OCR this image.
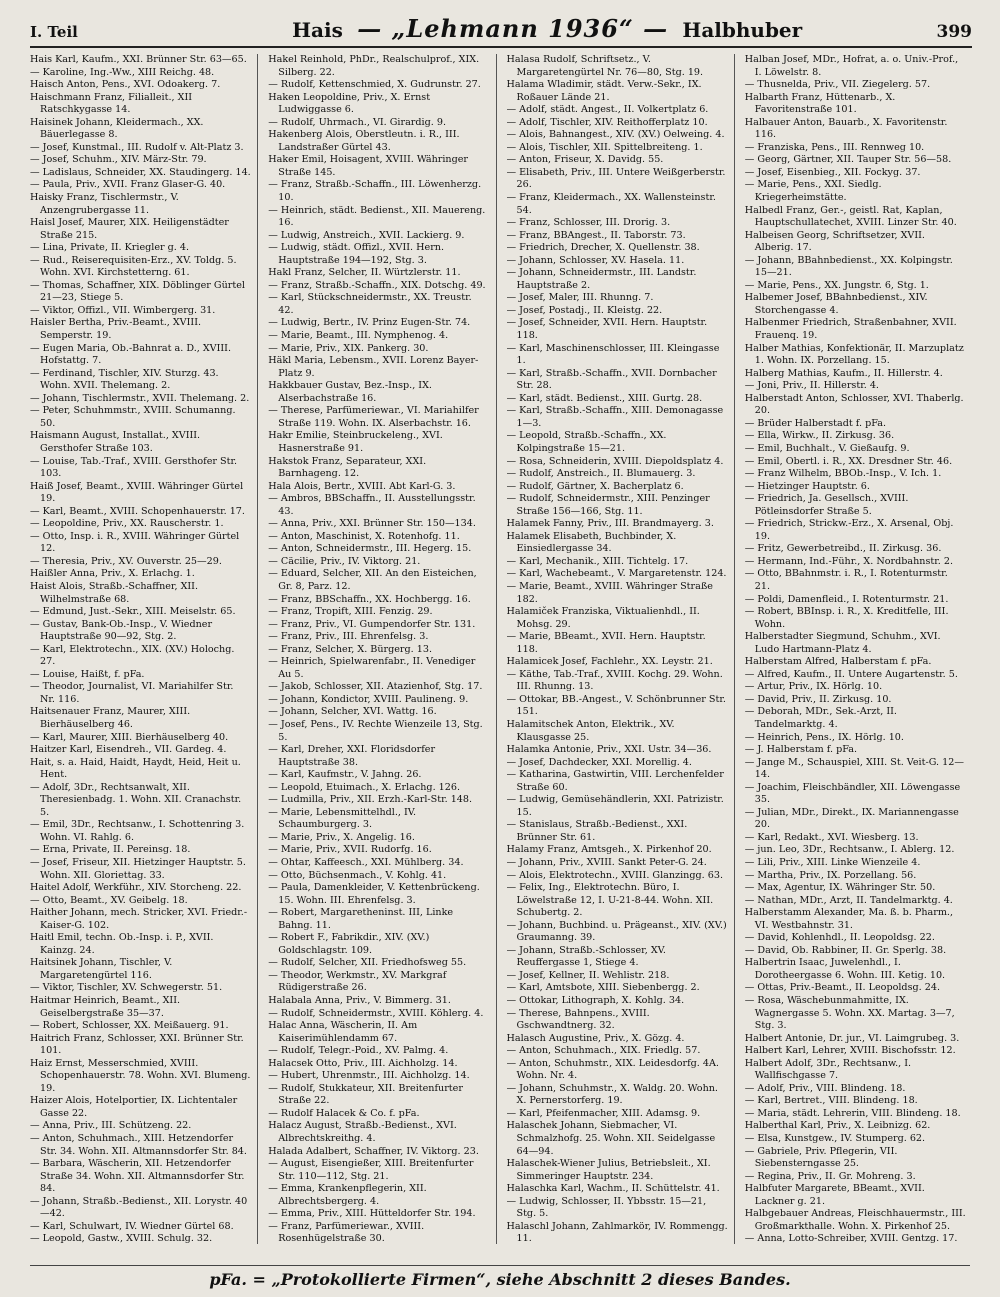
I. Teil	Hais — „Lehmann 1936“ — Halbhuber	399

Hais Karl, Kaufm., XXI. Brünner Str. 63—65.

— Karoline, Ing.-Ww., XIII Reichg. 48.

Haisch Anton, Pens., XVI. Odoakerg. 7.

Haischmann Franz, Filialleit., XII Ratschkygasse 14.

Haisinek Johann, Kleidermach., XX. Bäuerlegasse 8.

— Josef, Kunstmal., III. Rudolf v. Alt-Platz 3.

— Josef, Schuhm., XIV. März-Str. 79.

— Ladislaus, Schneider, XX. Staudingerg. 14.

— Paula, Priv., XVII. Franz Glaser-G. 40.

Haisky Franz, Tischlermstr., V. Anzengrubergasse 11.

Haisl Josef, Maurer, XIX. Heiligenstädter Straße 215.

— Lina, Private, II. Kriegler g. 4.

— Rud., Reiserequisiten-Erz., XV. Toldg. 5. Wohn. XVI. Kirchstetterng. 61.

— Thomas, Schaffner, XIX. Döblinger Gürtel 21—23, Stiege 5.

— Viktor, Offizl., VII. Wimbergerg. 31.

Haisler Bertha, Priv.-Beamt., XVIII. Semperstr. 19.

— Eugen Maria, Ob.-Bahnrat a. D., XVIII. Hofstattg. 7.

— Ferdinand, Tischler, XIV. Sturzg. 43. Wohn. XVII. Thelemang. 2.

— Johann, Tischlermstr., XVII. Thelemang. 2.

— Peter, Schuhmmstr., XVIII. Schumanng. 50.

Haismann August, Installat., XVIII. Gersthofer Straße 103.

— Louise, Tab.-Traf., XVIII. Gersthofer Str. 103.

Haiß Josef, Beamt., XVIII. Währinger Gürtel 19.

— Karl, Beamt., XVIII. Schopenhauerstr. 17.

— Leopoldine, Priv., XX. Rauscherstr. 1.

— Otto, Insp. i. R., XVIII. Währinger Gürtel 12.

— Theresia, Priv., XV. Ouverstr. 25—29.

Haißler Anna, Priv., X. Erlachg. 1.

Haist Alois, Straßb.-Schaffner, XII. Wilhelmstraße 68.

— Edmund, Just.-Sekr., XIII. Meiselstr. 65.

— Gustav, Bank-Ob.-Insp., V. Wiedner Hauptstraße 90—92, Stg. 2.

— Karl, Elektrotechn., XIX. (XV.) Holochg. 27.

— Louise, Haißt, f. pFa.

— Theodor, Journalist, VI. Mariahilfer Str. Nr. 116.

Haitsenauer Franz, Maurer, XIII. Bierhäuselberg 46.

— Karl, Maurer, XIII. Bierhäuselberg 40.

Haitzer Karl, Eisendreh., VII. Gardeg. 4.

Hait, s. a. Haid, Haidt, Haydt, Heid, Heit u. Hent.

— Adolf, 3Dr., Rechtsanwalt, XII. Theresienbadg. 1. Wohn. XII. Cranachstr. 5.

— Emil, 3Dr., Rechtsanw., I. Schottenring 3. Wohn. VI. Rahlg. 6.

— Erna, Private, II. Pereinsg. 18.

— Josef, Friseur, XII. Hietzinger Hauptstr. 5. Wohn. XII. Gloriettag. 33.

Haitel Adolf, Werkführ., XIV. Storcheng. 22.

— Otto, Beamt., XV. Geibelg. 18.

Haither Johann, mech. Stricker, XVI. Friedr.-Kaiser-G. 102.

Haitl Emil, techn. Ob.-Insp. i. P., XVII. Kainzg. 24.

Haitsinek Johann, Tischler, V. Margaretengürtel 116.

— Viktor, Tischler, XV. Schwegerstr. 51.

Haitmar Heinrich, Beamt., XII. Geiselbergstraße 35—37.

— Robert, Schlosser, XX. Meißauerg. 91.

Haitrich Franz, Schlosser, XXI. Brünner Str. 101.

Haiz Ernst, Messerschmied, XVIII. Schopenhauerstr. 78. Wohn. XVI. Blumeng. 19.

Haizer Alois, Hotelportier, IX. Lichtentaler Gasse 22.

— Anna, Priv., III. Schützeng. 22.

— Anton, Schuhmach., XIII. Hetzendorfer Str. 34. Wohn. XII. Altmannsdorfer Str. 84.

— Barbara, Wäscherin, XII. Hetzendorfer Straße 34. Wohn. XII. Altmannsdorfer Str. 84.

— Johann, Straßb.-Bedienst., XII. Lorystr. 40—42.

— Karl, Schulwart, IV. Wiedner Gürtel 68.

— Leopold, Gastw., XVIII. Schulg. 32.

Hakel Reinhold, PhDr., Realschulprof., XIX. Silberg. 22.

— Rudolf, Kettenschmied, X. Gudrunstr. 27.

Haken Leopoldine, Priv., X. Ernst Ludwiggasse 6.

— Rudolf, Uhrmach., VI. Girardig. 9.

Hakenberg Alois, Oberstleutn. i. R., III. Landstraßer Gürtel 43.

Haker Emil, Hoisagent, XVIII. Währinger Straße 145.

— Franz, Straßb.-Schaffn., III. Löwenherzg. 10.

— Heinrich, städt. Bedienst., XII. Mauereng. 16.

— Ludwig, Anstreich., XVII. Lackierg. 9.

— Ludwig, städt. Offizl., XVII. Hern. Hauptstraße 194—192, Stg. 3.

Hakl Franz, Selcher, II. Würtzlerstr. 11.

— Franz, Straßb.-Schaffn., XIX. Dotschg. 49.

— Karl, Stückschneidermstr., XX. Treustr. 42.

— Ludwig, Bertr., IV. Prinz Eugen-Str. 74.

— Marie, Beamt., III. Nymphenog. 4.

— Marie, Priv., XIX. Pankerg. 30.

Häkl Maria, Lebensm., XVII. Lorenz Bayer-Platz 9.

Hakkbauer Gustav, Bez.-Insp., IX. Alserbachstraße 16.

— Therese, Parfümeriewar., VI. Mariahilfer Straße 119. Wohn. IX. Alserbachstr. 16.

Hakr Emilie, Steinbruckeleng., XVI. Hasnerstraße 91.

Hakstok Franz, Separateur, XXI. Barnhageng. 12.

Hala Alois, Bertr., XVIII. Abt Karl-G. 3.

— Ambros, BBSchaffn., II. Ausstellungsstr. 43.

— Anna, Priv., XXI. Brünner Str. 150—134.

— Anton, Maschinist, X. Rotenhofg. 11.

— Anton, Schneidermstr., III. Hegerg. 15.

— Cäcilie, Priv., IV. Viktorg. 21.

— Eduard, Selcher, XII. An den Eisteichen, Gr. 8, Parz. 12.

— Franz, BBSchaffn., XX. Hochbergg. 16.

— Franz, Tropift, XIII. Fenzig. 29.

— Franz, Priv., VI. Gumpendorfer Str. 131.

— Franz, Priv., III. Ehrenfelsg. 3.

— Franz, Selcher, X. Bürgerg. 13.

— Heinrich, Spielwarenfabr., II. Venediger Au 5.

— Jakob, Schlosser, XII. Atazienhof, Stg. 17.

— Johann, Kondictor, XVIII. Paulineng. 9.

— Johann, Selcher, XVI. Wattg. 16.

— Josef, Pens., IV. Rechte Wienzeile 13, Stg. 5.

— Karl, Dreher, XXI. Floridsdorfer Hauptstraße 38.

— Karl, Kaufmstr., V. Jahng. 26.

— Leopold, Etuimach., X. Erlachg. 126.

— Ludmilla, Priv., XII. Erzh.-Karl-Str. 148.

— Marie, Lebensmittelhdl., IV. Schaumburgerg. 3.

— Marie, Priv., X. Angelig. 16.

— Marie, Priv., XVII. Rudorfg. 16.

— Ohtar, Kaffeesch., XXI. Mühlberg. 34.

— Otto, Büchsenmach., V. Kohlg. 41.

— Paula, Damenkleider, V. Kettenbrückeng. 15. Wohn. III. Ehrenfelsg. 3.

— Robert, Margaretheninst. III, Linke Bahng. 11.

— Robert F., Fabrikdir., XIV. (XV.) Goldschlagstr. 109.

— Rudolf, Selcher, XII. Friedhofsweg 55.

— Theodor, Werkmstr., XV. Markgraf Rüdigerstraße 26.

Halabala Anna, Priv., V. Bimmerg. 31.

— Rudolf, Schneidermstr., XVIII. Köhlerg. 4.

Halac Anna, Wäscherin, II. Am Kaiserimühlendamm 67.

— Rudolf, Telegr.-Poid., XV. Palmg. 4.

Halacsek Otto, Priv., III. Aichholzg. 14.

— Hubert, Uhrenmstr., III. Aichholzg. 14.

— Rudolf, Stukkateur, XII. Breitenfurter Straße 22.

— Rudolf Halacek & Co. f. pFa.

Halacz August, Straßb.-Bedienst., XVI. Albrechtskreithg. 4.

Halada Adalbert, Schaffner, IV. Viktorg. 23.

— August, Eisengießer, XIII. Breitenfurter Str. 110—112, Stg. 21.

— Emma, Krankenpflegerin, XII. Albrechtsbergerg. 4.

— Emma, Priv., XIII. Hütteldorfer Str. 194.

— Franz, Parfümeriewar., XVIII. Rosenhügelstraße 30.

Halasa Rudolf, Schriftsetz., V. Margaretengürtel Nr. 76—80, Stg. 19.

Halama Wladimir, städt. Verw.-Sekr., IX. Roßauer Lände 21.

— Adolf, städt. Angest., II. Volkertplatz 6.

— Adolf, Tischler, XIV. Reithofferplatz 10.

— Alois, Bahnangest., XIV. (XV.) Oelweing. 4.

— Alois, Tischler, XII. Spittelbreiteng. 1.

— Anton, Friseur, X. Davidg. 55.

— Elisabeth, Priv., III. Untere Weißgerberstr. 26.

— Franz, Kleidermach., XX. Wallensteinstr. 54.

— Franz, Schlosser, III. Drorig. 3.

— Franz, BBAngest., II. Taborstr. 73.

— Friedrich, Drecher, X. Quellenstr. 38.

— Johann, Schlosser, XV. Hasela. 11.

— Johann, Schneidermstr., III. Landstr. Hauptstraße 2.

— Josef, Maler, III. Rhunng. 7.

— Josef, Postadj., II. Kleistg. 22.

— Josef, Schneider, XVII. Hern. Hauptstr. 118.

— Karl, Maschinenschlosser, III. Kleingasse 1.

— Karl, Straßb.-Schaffn., XVII. Dornbacher Str. 28.

— Karl, städt. Bedienst., XIII. Gurtg. 28.

— Karl, Straßb.-Schaffn., XIII. Demonagasse 1—3.

— Leopold, Straßb.-Schaffn., XX. Kolpingstraße 15—21.

— Rosa, Schneiderin, XVIII. Diepoldsplatz 4.

— Rudolf, Anstreich., II. Blumauerg. 3.

— Rudolf, Gärtner, X. Bacherplatz 6.

— Rudolf, Schneidermstr., XIII. Penzinger Straße 156—166, Stg. 11.

Halamek Fanny, Priv., III. Brandmayerg. 3.

Halamek Elisabeth, Buchbinder, X. Einsiedlergasse 34.

— Karl, Mechanik., XIII. Tichtelg. 17.

— Karl, Wachebeamt., V. Margaretenstr. 124.

— Marie, Beamt., XVIII. Währinger Straße 182.

Halamiček Franziska, Viktualienhdl., II. Mohsg. 29.

— Marie, BBeamt., XVII. Hern. Hauptstr. 118.

Halamicek Josef, Fachlehr., XX. Leystr. 21.

— Käthe, Tab.-Traf., XVIII. Kochg. 29. Wohn. III. Rhunng. 13.

— Ottokar, BB.-Angest., V. Schönbrunner Str. 151.

Halamitschek Anton, Elektrik., XV. Klausgasse 25.

Halamka Antonie, Priv., XXI. Ustr. 34—36.

— Josef, Dachdecker, XXI. Morellig. 4.

— Katharina, Gastwirtin, VIII. Lerchenfelder Straße 60.

— Ludwig, Gemüsehändlerin, XXI. Patrizistr. 15.

— Stanislaus, Straßb.-Bedienst., XXI. Brünner Str. 61.

Halamy Franz, Amtsgeh., X. Pirkenhof 20.

— Johann, Priv., XVIII. Sankt Peter-G. 24.

— Alois, Elektrotechn., XVIII. Glanzingg. 63.

— Felix, Ing., Elektrotechn. Büro, I. Löwelstraße 12, I. U-21-8-44. Wohn. XII. Schubertg. 2.

— Johann, Buchbind. u. Prägeanst., XIV. (XV.) Graumanng. 39.

— Johann, Straßb.-Schlosser, XV. Reuffergasse 1, Stiege 4.

— Josef, Kellner, II. Wehlistr. 218.

— Karl, Amtsbote, XIII. Siebenbergg. 2.

— Ottokar, Lithograph, X. Kohlg. 34.

— Therese, Bahnpens., XVIII. Gschwandtnerg. 32.

Halasch Augustine, Priv., X. Gözg. 4.

— Anton, Schuhmach., XIX. Friedlg. 57.

— Anton, Schuhmstr., XIX. Leidesdorfg. 4A. Wohn. Nr. 4.

— Johann, Schuhmstr., X. Waldg. 20. Wohn. X. Pernerstorferg. 19.

— Karl, Pfeifenmacher, XIII. Adamsg. 9.

Halaschek Johann, Siebmacher, VI. Schmalzhofg. 25. Wohn. XII. Seidelgasse 64—94.

Halaschek-Wiener Julius, Betriebsleit., XI. Simmeringer Hauptstr. 234.

Halaschka Karl, Wachm., II. Schüttelstr. 41.

— Ludwig, Schlosser, II. Ybbsstr. 15—21, Stg. 5.

Halaschl Johann, Zahlmarkör, IV. Rommengg. 11.

Halban Josef, MDr., Hofrat, a. o. Univ.-Prof., I. Löwelstr. 8.

— Thusnelda, Priv., VII. Ziegelerg. 57.

Halbarth Franz, Hüttenarb., X. Favoritenstraße 101.

Halbauer Anton, Bauarb., X. Favoritenstr. 116.

— Franziska, Pens., III. Rennweg 10.

— Georg, Gärtner, XII. Tauper Str. 56—58.

— Josef, Eisenbieg., XII. Fockyg. 37.

— Marie, Pens., XXI. Siedlg. Kriegerheimstätte.

Halbedl Franz, Ger.-, geistl. Rat, Kaplan, Hauptschullatechet, XVIII. Linzer Str. 40.

Halbeisen Georg, Schriftsetzer, XVII. Alberig. 17.

— Johann, BBahnbedienst., XX. Kolpingstr. 15—21.

— Marie, Pens., XX. Jungstr. 6, Stg. 1.

Halbemer Josef, BBahnbedienst., XIV. Storchengasse 4.

Halbenmer Friedrich, Straßenbahner, XVII. Frauenq. 19.

Halber Mathias, Konfektionär, II. Marzuplatz 1. Wohn. IX. Porzellang. 15.

Halberg Mathias, Kaufm., II. Hillerstr. 4.

— Joni, Priv., II. Hillerstr. 4.

Halberstadt Anton, Schlosser, XVI. Thaberlg. 20.

— Brüder Halberstadt f. pFa.

— Ella, Wirkw., II. Zirkusg. 36.

— Emil, Buchhalt., V. Gießaufg. 9.

— Emil, Obertl. i. R., XX. Dresdner Str. 46.

— Franz Wilhelm, BBOb.-Insp., V. Ich. 1.

— Hietzinger Hauptstr. 6.

— Friedrich, Ja. Gesellsch., XVIII. Pötleinsdorfer Straße 5.

— Friedrich, Strickw.-Erz., X. Arsenal, Obj. 19.

— Fritz, Gewerbetreibd., II. Zirkusg. 36.

— Hermann, Ind.-Führ., X. Nordbahnstr. 2.

— Otto, BBahnmstr. i. R., I. Rotenturmstr. 21.

— Poldi, Damenfleid., I. Rotenturmstr. 21.

— Robert, BBInsp. i. R., X. Kreditfelle, III. Wohn.

Halberstadter Siegmund, Schuhm., XVI. Ludo Hartmann-Platz 4.

Halberstam Alfred, Halberstam f. pFa.

— Alfred, Kaufm., II. Untere Augartenstr. 5.

— Artur, Priv., IX. Hörlg. 10.

— David, Priv., II. Zirkusg. 10.

— Deborah, MDr., Sek.-Arzt, II. Tandelmarktg. 4.

— Heinrich, Pens., IX. Hörlg. 10.

— J. Halberstam f. pFa.

— Jange M., Schauspiel, XIII. St. Veit-G. 12—14.

— Joachim, Fleischbändler, XII. Löwengasse 35.

— Julian, MDr., Direkt., IX. Mariannengasse 20.

— Karl, Redakt., XVI. Wiesberg. 13.

— jun. Leo, 3Dr., Rechtsanw., I. Ablerg. 12.

— Lili, Priv., XIII. Linke Wienzeile 4.

— Martha, Priv., IX. Porzellang. 56.

— Max, Agentur, IX. Währinger Str. 50.

— Nathan, MDr., Arzt, II. Tandelmarktg. 4.

Halberstamm Alexander, Ma. ß. b. Pharm., VI. Westbahnstr. 31.

— David, Kohlenhdl., II. Leopoldsg. 22.

— David, Ob. Rabbiner, II. Gr. Sperlg. 38.

Halbertrin Isaac, Juwelenhdl., I. Dorotheergasse 6. Wohn. III. Ketig. 10.

— Ottas, Priv.-Beamt., II. Leopoldsg. 24.

— Rosa, Wäschebunmahmitte, IX. Wagnergasse 5. Wohn. XX. Martag. 3—7, Stg. 3.

Halbert Antonie, Dr. jur., VI. Laimgrubeg. 3.

Halbert Karl, Lehrer, XVIII. Bischofsstr. 12.

Halbert Adolf, 3Dr., Rechtsanw., I. Wallfischgasse 7.

— Adolf, Priv., VIII. Blindeng. 18.

— Karl, Bertret., VIII. Blindeng. 18.

— Maria, städt. Lehrerin, VIII. Blindeng. 18.

Halberthal Karl, Priv., X. Leibnizg. 62.

— Elsa, Kunstgew., IV. Stumperg. 62.

— Gabriele, Priv. Pflegerin, VII. Siebensterngasse 25.

— Regina, Priv., II. Gr. Mohreng. 3.

Halbfuter Margarete, BBeamt., XVII. Lackner g. 21.

Halbgebauer Andreas, Fleischhauermstr., III. Großmarkthalle. Wohn. X. Pirkenhof 25.

— Anna, Lotto-Schreiber, XVIII. Gentzg. 17.

pFa. = „Protokollierte Firmen“, siehe Abschnitt 2 dieses Bandes.
